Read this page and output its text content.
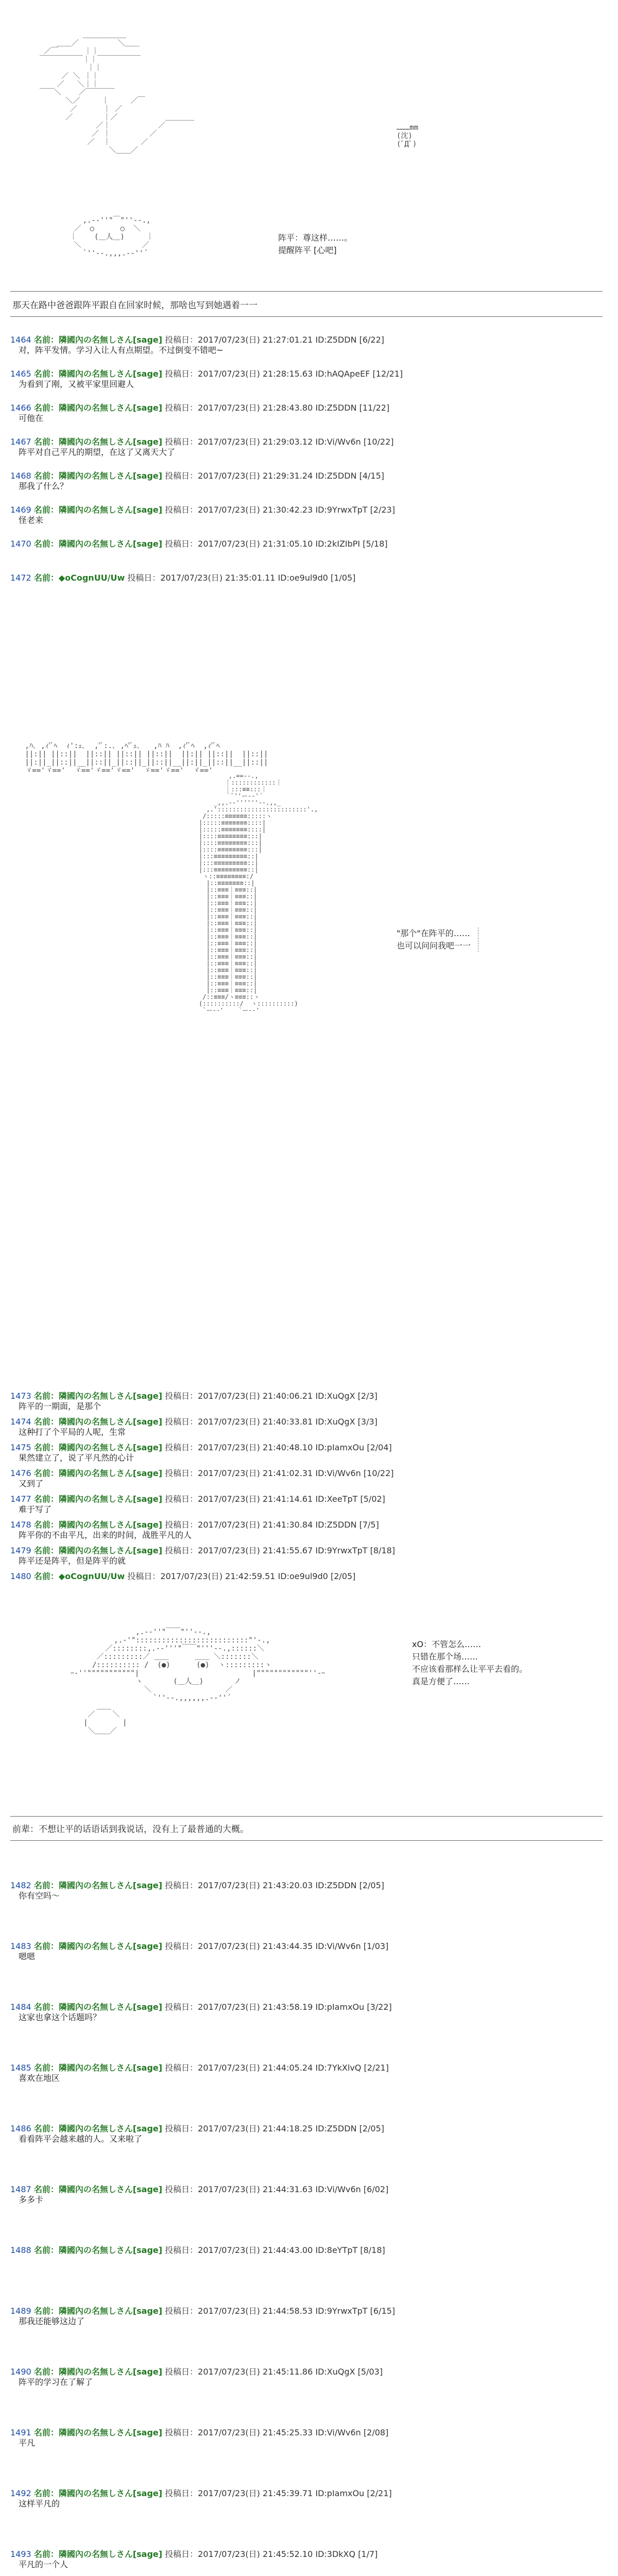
＿＿＿＿＿＿
＿＿／         ＼＿＿
／￣      ｜｜
￣￣￣￣￣￣｜｜￣￣￣￣￣￣
｜｜
／ ＼ ｜｜
／   ＼｜｜
￣￣＼    ／￣￣￣￣
＼／     ｜     ／￣
／      ｜ ／
／       ｜／           ＿＿＿＿
／｜           ／
／ ｜         ／
／  ｜       ／
＼＿＿／
………mm
(沈)
(ﾟДﾟ)
,.-‐''"￣"''‐-.,
／  ○      ○  ＼
｜    (＿人＿)     ｜
＼              ／
`''‐-.,,,.-‐''´
阵平：尊这样……。
提醒阵平 [心吧]
那天在路中爸爸跟阵平跟自在回家时候，那啥也写到她遇着一一
1464 名前：隣國內の名無しさん[sage] 投稿日：2017/07/23(日) 21:27:01.21 ID:Z5DDN [6/22]
对，阵平发情。学习入让人有点期望。不过倒变不错吧~
1465 名前：隣國內の名無しさん[sage] 投稿日：2017/07/23(日) 21:28:15.63 ID:hAQApeEF [12/21]
为看到了刚，又被平家里回避人
1466 名前：隣國內の名無しさん[sage] 投稿日：2017/07/23(日) 21:28:43.80 ID:Z5DDN [11/22]
可他在
1467 名前：隣國內の名無しさん[sage] 投稿日：2017/07/23(日) 21:29:03.12 ID:Vi/Wv6n [10/22]
阵平对自己平凡的期望，在这了又离天大了
1468 名前：隣國內の名無しさん[sage] 投稿日：2017/07/23(日) 21:29:31.24 ID:Z5DDN [4/15]
那我了什么？
1469 名前：隣國內の名無しさん[sage] 投稿日：2017/07/23(日) 21:30:42.23 ID:9YrwxTpT [2/23]
怪老来
1470 名前：隣國內の名無しさん[sage] 投稿日：2017/07/23(日) 21:31:05.10 ID:2kIZIbPI [5/18]
1472 名前：◆oCognUU/Uw 投稿日：2017/07/23(日) 21:35:01.11 ID:oe9ul9d0 [1/05]
,ﾊ､ ,ｨ'ﾞﾍ  ｨ':ｪ､  ,'ﾞ:.､ ,ﾍ'ﾞｪ､   ,ﾊ ﾊ  ,ｨ'ﾞﾍ  ,ｨ'ﾞﾍ
||:|| ||::||  ||::|| ||::|| ||::||  ||:|| ||::||  ||::||
||:||_||::||__||::||_||::||_||::||__||:||_||::||__||::||
ゞ=='ゞ=='  ゞ=='ゞ=='ゞ=='  ゞ=='ゞ=='  ゞ=='
,.==‐-.,
｜::::::::::::｜
｜:::≡≡:::｜
｀ﾞ''ー-‐'´
_,,.-‐''''''‐-.,,_
,.'::::::::::::::::::::::::'.,
/:::::≡≡≡≡≡≡:::::ヽ
|:::::≡≡≡≡≡≡≡::::|
|:::::≡≡≡≡≡≡≡::::|
|::::≡≡≡≡≡≡≡≡:::|
|::::≡≡≡≡≡≡≡≡:::|
|::::≡≡≡≡≡≡≡≡:::|
|:::≡≡≡≡≡≡≡≡≡::|
|:::≡≡≡≡≡≡≡≡≡::|
|:::≡≡≡≡≡≡≡≡≡::|
ヽ::≡≡≡≡≡≡≡≡:/
|::≡≡≡≡≡≡≡::|
|::≡≡≡｜≡≡≡::|
|::≡≡≡｜≡≡≡::|
|::≡≡≡｜≡≡≡::|
|::≡≡≡｜≡≡≡::|
|::≡≡≡｜≡≡≡::|
|::≡≡≡｜≡≡≡::|
|::≡≡≡｜≡≡≡::|
|::≡≡≡｜≡≡≡::|
|::≡≡≡｜≡≡≡::|
|::≡≡≡｜≡≡≡::|
|::≡≡≡｜≡≡≡::|
|::≡≡≡｜≡≡≡::|
|::≡≡≡｜≡≡≡::|
|::≡≡≡｜≡≡≡::|
|::≡≡≡｜≡≡≡::|
|::≡≡≡｜≡≡≡::|
/::≡≡≡/ヽ≡≡≡::ヽ
(::::::::::/  ヽ::::::::::)
`ー-‐'    `ー-‐'
"那个"在阵平的……
也可以问问我吧一一
1473 名前：隣國內の名無しさん[sage] 投稿日：2017/07/23(日) 21:40:06.21 ID:XuQgX [2/3]
阵平的一期面，是那个
1474 名前：隣國內の名無しさん[sage] 投稿日：2017/07/23(日) 21:40:33.81 ID:XuQgX [3/3]
这种打了个平局的人呢，生常
1475 名前：隣國內の名無しさん[sage] 投稿日：2017/07/23(日) 21:40:48.10 ID:pIamxOu [2/04]
果然建立了，说了平凡然的心计
1476 名前：隣國內の名無しさん[sage] 投稿日：2017/07/23(日) 21:41:02.31 ID:Vi/Wv6n [10/22]
又到了
1477 名前：隣國內の名無しさん[sage] 投稿日：2017/07/23(日) 21:41:14.61 ID:XeeTpT [5/02]
难于写了
1478 名前：隣國內の名無しさん[sage] 投稿日：2017/07/23(日) 21:41:30.84 ID:Z5DDN [7/5]
阵平你的不由平凡，出来的时间，战胜平凡的人
1479 名前：隣國內の名無しさん[sage] 投稿日：2017/07/23(日) 21:41:55.67 ID:9YrwxTpT [8/18]
阵平还是阵平，但是阵平的就
1480 名前：◆oCognUU/Uw 投稿日：2017/07/23(日) 21:42:59.51 ID:oe9ul9d0 [2/05]
,.-‐''"￣￣"''‐-.,
,.-'"::::::::::::::::::::::::::"'-.,
／::::::::,.-‐'''"￣￣"'''‐-.,::::::＼
／:::::::::／ ＿＿      ＿＿ ＼:::::::＼
/:::::::::: /  (●)      (●)  ヽ:::::::::ヽ
ｰ‐''"""""""""""|                          |""""""""""""''‐ｰ
ヽ       (＿人＿)       ノ
＼                 ／
`''‐-.,,,,,,.-‐''´
＿＿
／    ＼
|        |
＼＿＿／
xO：不管怎么……
只错在那个场……
不应该看那样么让平平去看的。
真是方便了……
前辈：不想让平的话语话到我说话，没有上了最普通的大概。
1482 名前：隣國內の名無しさん[sage] 投稿日：2017/07/23(日) 21:43:20.03 ID:Z5DDN [2/05]
你有空吗～
1483 名前：隣國內の名無しさん[sage] 投稿日：2017/07/23(日) 21:43:44.35 ID:Vi/Wv6n [1/03]
嗯嗯
1484 名前：隣國內の名無しさん[sage] 投稿日：2017/07/23(日) 21:43:58.19 ID:pIamxOu [3/22]
这家也拿这个话题吗？
1485 名前：隣國內の名無しさん[sage] 投稿日：2017/07/23(日) 21:44:05.24 ID:7YkXlvQ [2/21]
喜欢在地区
1486 名前：隣國內の名無しさん[sage] 投稿日：2017/07/23(日) 21:44:18.25 ID:Z5DDN [2/05]
看看阵平会越来越的人。又来啦了
1487 名前：隣國內の名無しさん[sage] 投稿日：2017/07/23(日) 21:44:31.63 ID:Vi/Wv6n [6/02]
多多卡
1488 名前：隣國內の名無しさん[sage] 投稿日：2017/07/23(日) 21:44:43.00 ID:8eYTpT [8/18]
1489 名前：隣國內の名無しさん[sage] 投稿日：2017/07/23(日) 21:44:58.53 ID:9YrwxTpT [6/15]
那我还能够这边了
1490 名前：隣國內の名無しさん[sage] 投稿日：2017/07/23(日) 21:45:11.86 ID:XuQgX [5/03]
阵平的学习在了解了
1491 名前：隣國內の名無しさん[sage] 投稿日：2017/07/23(日) 21:45:25.33 ID:Vi/Wv6n [2/08]
平凡
1492 名前：隣國內の名無しさん[sage] 投稿日：2017/07/23(日) 21:45:39.71 ID:pIamxOu [2/21]
这样平凡的
1493 名前：隣國內の名無しさん[sage] 投稿日：2017/07/23(日) 21:45:52.10 ID:3DkXQ [1/7]
平凡的一个人
